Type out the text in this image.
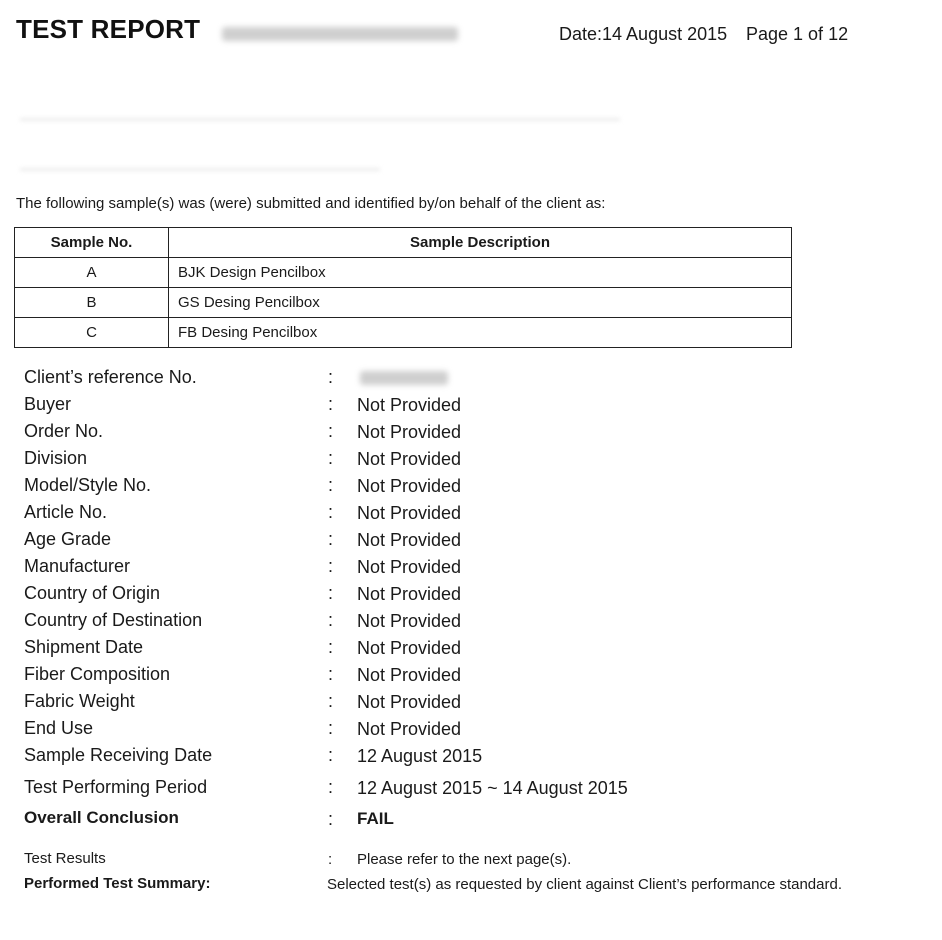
TEST REPORT	Date:14 August 2015 Page 1 of 12
The following sample(s) was (were) submitted and identified by/on behalf of the client as:
Sample No.	Sample Description
A	BJK Design Pencilbox
B	GS Desing Pencilbox
C	FB Desing Pencilbox
Client’s reference No.	:
Buyer	: Not Provided
Order No.	: Not Provided
Division	: Not Provided
Model/Style No.	: Not Provided
Article No.	: Not Provided
Age Grade	: Not Provided
Manufacturer	: Not Provided
Country of Origin	: Not Provided
Country of Destination	: Not Provided
Shipment Date	: Not Provided
Fiber Composition	: Not Provided
Fabric Weight	: Not Provided
End Use	: Not Provided
Sample Receiving Date	: 12 August 2015
Test Performing Period	: 12 August 2015 ~ 14 August 2015
Overall Conclusion	: FAIL
Test Results	: Please refer to the next page(s).
Performed Test Summary:	Selected test(s) as requested by client against Client’s performance standard.
